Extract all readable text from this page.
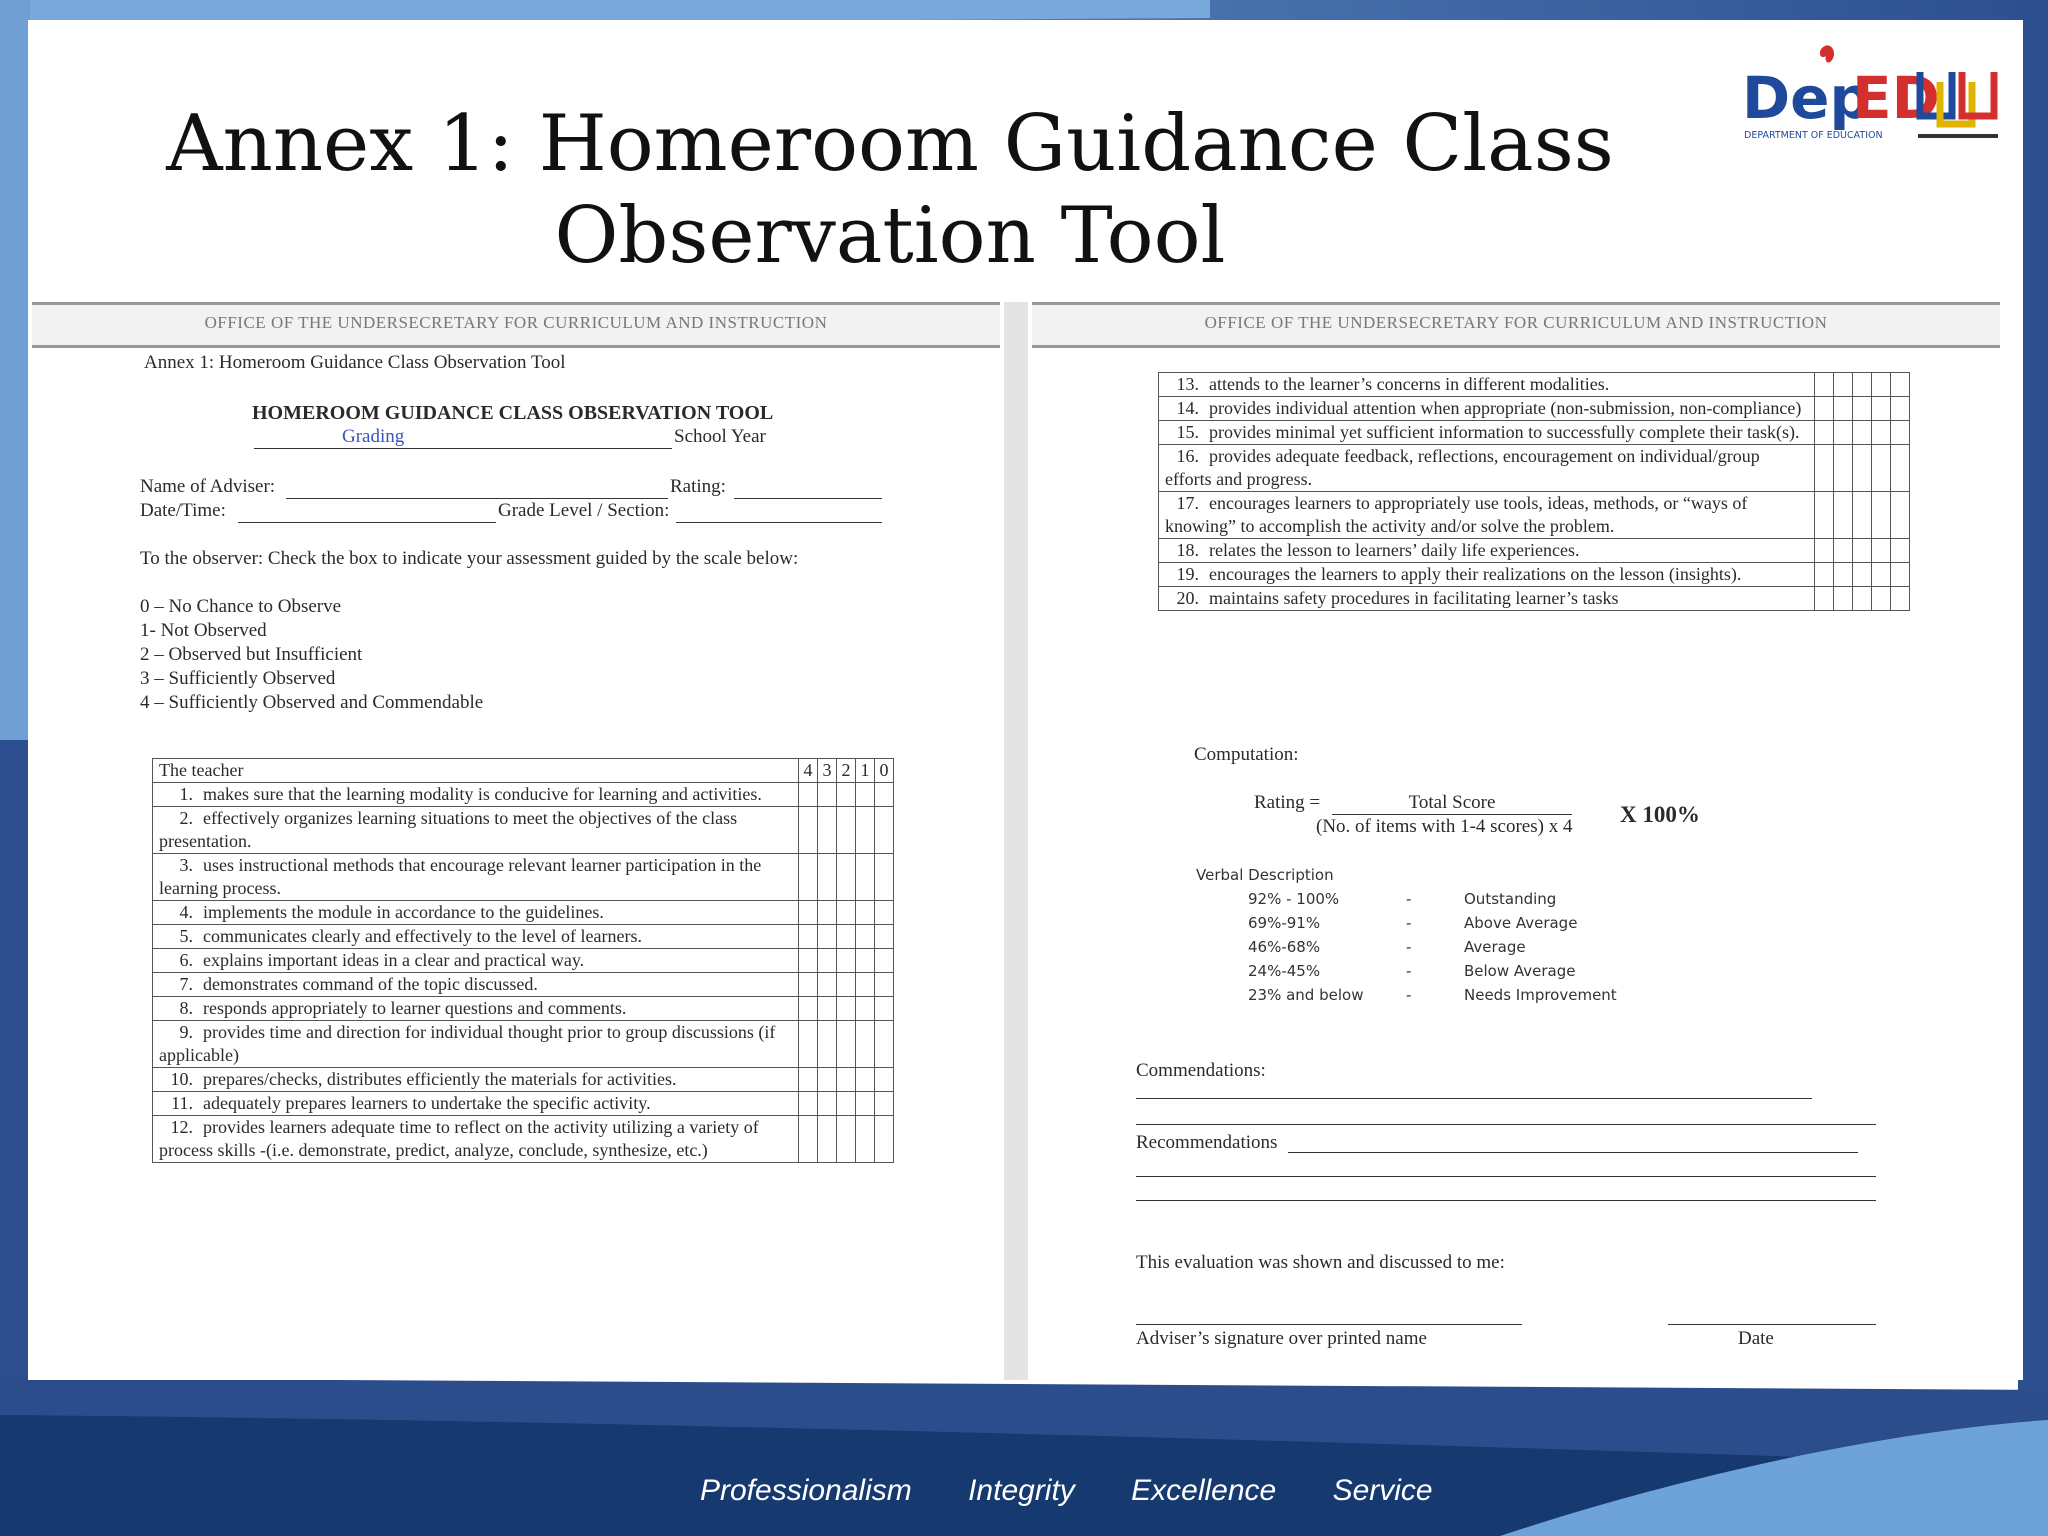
Annex 1: Homeroom Guidance Class
Observation Tool
Dep
ED
DEPARTMENT OF EDUCATION
OFFICE OF THE UNDERSECRETARY FOR CURRICULUM AND INSTRUCTION
Annex 1: Homeroom Guidance Class Observation Tool
HOMEROOM GUIDANCE CLASS OBSERVATION TOOL
Grading	School Year
Name of Adviser:	Rating:
Date/Time:	Grade Level / Section:
To the observer: Check the box to indicate your assessment guided by the scale below:
0 – No Chance to Observe
1- Not Observed
2 – Observed but Insufficient
3 – Sufficiently Observed
4 – Sufficiently Observed and Commendable
The teacher	4	3	2	1	0
1. makes sure that the learning modality is conducive for learning and activities.					
2. effectively organizes learning situations to meet the objectives of the class presentation.					
3. uses instructional methods that encourage relevant learner participation in the learning process.					
4. implements the module in accordance to the guidelines.					
5. communicates clearly and effectively to the level of learners.					
6. explains important ideas in a clear and practical way.					
7. demonstrates command of the topic discussed.					
8. responds appropriately to learner questions and comments.					
9. provides time and direction for individual thought prior to group discussions (if applicable)					
10. prepares/checks, distributes efficiently the materials for activities.					
11. adequately prepares learners to undertake the specific activity.					
12. provides learners adequate time to reflect on the activity utilizing a variety of process skills -(i.e. demonstrate, predict, analyze, conclude, synthesize, etc.)					
OFFICE OF THE UNDERSECRETARY FOR CURRICULUM AND INSTRUCTION
13. attends to the learner’s concerns in different modalities.					
14. provides individual attention when appropriate (non-submission, non-compliance)					
15. provides minimal yet sufficient information to successfully complete their task(s).					
16. provides adequate feedback, reflections, encouragement on individual/group efforts and progress.					
17. encourages learners to appropriately use tools, ideas, methods, or “ways of knowing” to accomplish the activity and/or solve the problem.					
18. relates the lesson to learners’ daily life experiences.					
19. encourages the learners to apply their realizations on the lesson (insights).					
20. maintains safety procedures in facilitating learner’s tasks					
Computation:
Rating =	Total Score
(No. of items with 1-4 scores) x 4 X 100%
Verbal Description
92% - 100%	-	Outstanding
69%-91%	-	Above Average
46%-68%	-	Average
24%-45%	-	Below Average
23% and below	-	Needs Improvement
Commendations:
Recommendations
This evaluation was shown and discussed to me:
Adviser’s signature over printed name	Date
Professionalism Integrity Excellence Service
